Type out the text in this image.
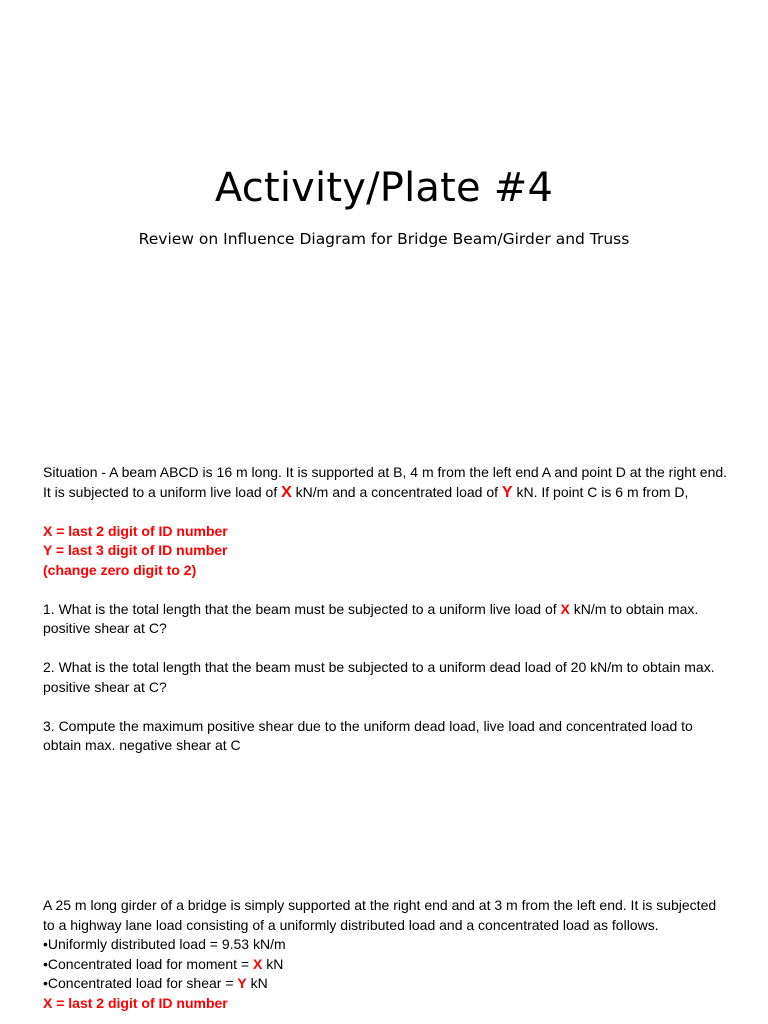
Activity/Plate #4
Review on Influence Diagram for Bridge Beam/Girder and Truss

Situation - A beam ABCD is 16 m long. It is supported at B, 4 m from the left end A and point D at the right end. It is subjected to a uniform live load of X kN/m and a concentrated load of Y kN. If point C is 6 m from D,

X = last 2 digit of ID number

Y = last 3 digit of ID number

(change zero digit to 2)

1. What is the total length that the beam must be subjected to a uniform live load of X kN/m to obtain max. positive shear at C?

2. What is the total length that the beam must be subjected to a uniform dead load of 20 kN/m to obtain max. positive shear at C?

3. Compute the maximum positive shear due to the uniform dead load, live load and concentrated load to obtain max. negative shear at C

A 25 m long girder of a bridge is simply supported at the right end and at 3 m from the left end. It is subjected to a highway lane load consisting of a uniformly distributed load and a concentrated load as follows.

•Uniformly distributed load = 9.53 kN/m

•Concentrated load for moment = X kN

•Concentrated load for shear = Y kN

X = last 2 digit of ID number
